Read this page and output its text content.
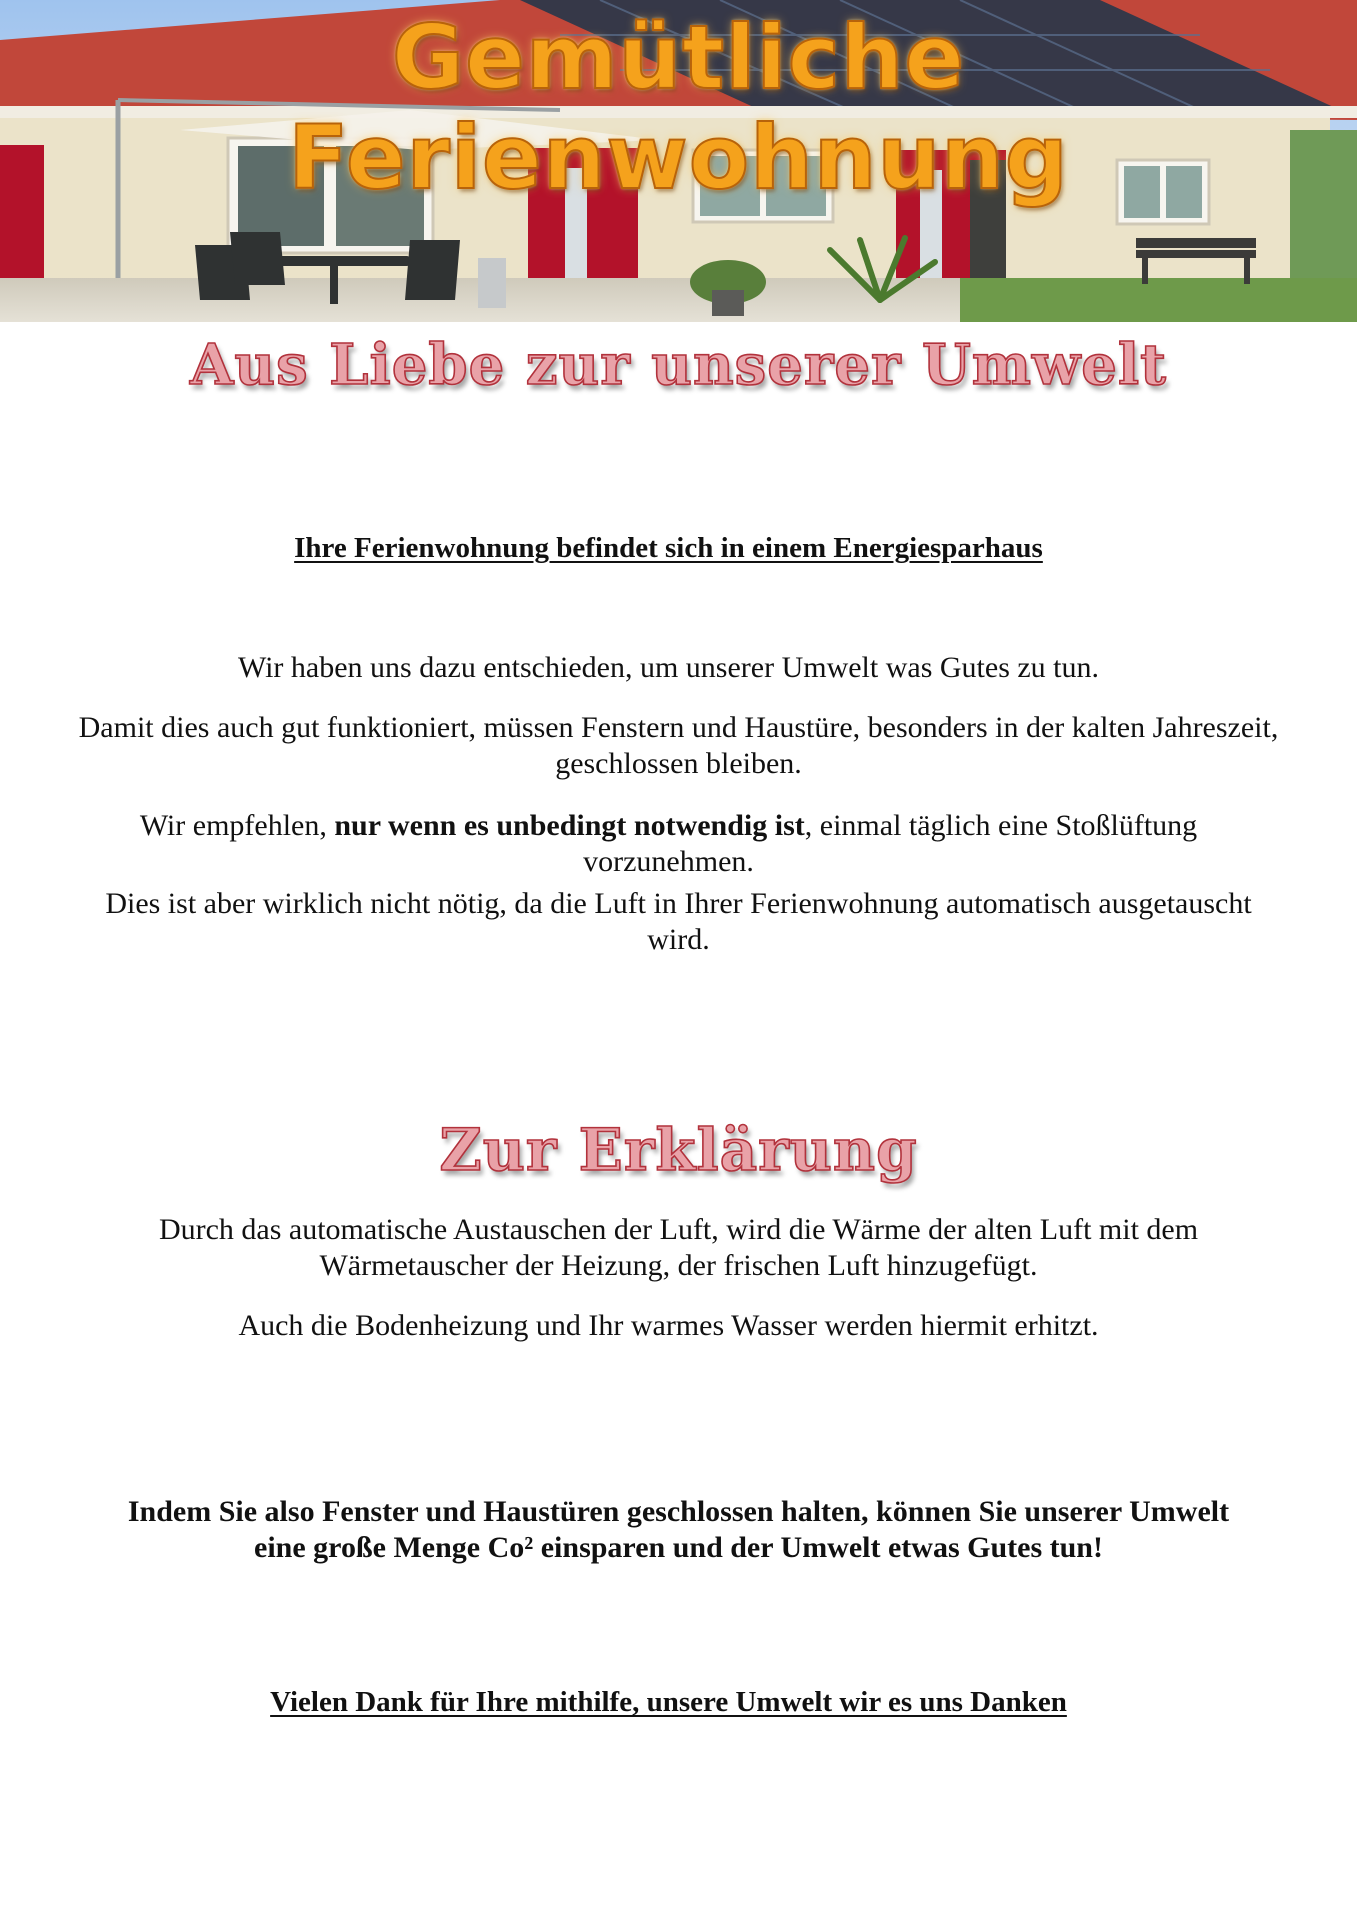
Gemütliche Ferienwohnung
Aus Liebe zur unserer Umwelt
Ihre Ferienwohnung befindet sich in einem Energiesparhaus
Wir haben uns dazu entschieden, um unserer Umwelt was Gutes zu tun.
Damit dies auch gut funktioniert, müssen Fenstern und Haustüre, besonders in der kalten Jahreszeit, geschlossen bleiben.
Wir empfehlen, nur wenn es unbedingt notwendig ist, einmal täglich eine Stoßlüftung vorzunehmen.
Dies ist aber wirklich nicht nötig, da die Luft in Ihrer Ferienwohnung automatisch ausgetauscht wird.
Zur Erklärung
Durch das automatische Austauschen der Luft, wird die Wärme der alten Luft mit dem Wärmetauscher der Heizung, der frischen Luft hinzugefügt.
Auch die Bodenheizung und Ihr warmes Wasser werden hiermit erhitzt.

Indem Sie also Fenster und Haustüren geschlossen halten, können Sie unserer Umwelt

eine große Menge Co² einsparen und der Umwelt etwas Gutes tun!

Vielen Dank für Ihre mithilfe, unsere Umwelt wir es uns Danken
